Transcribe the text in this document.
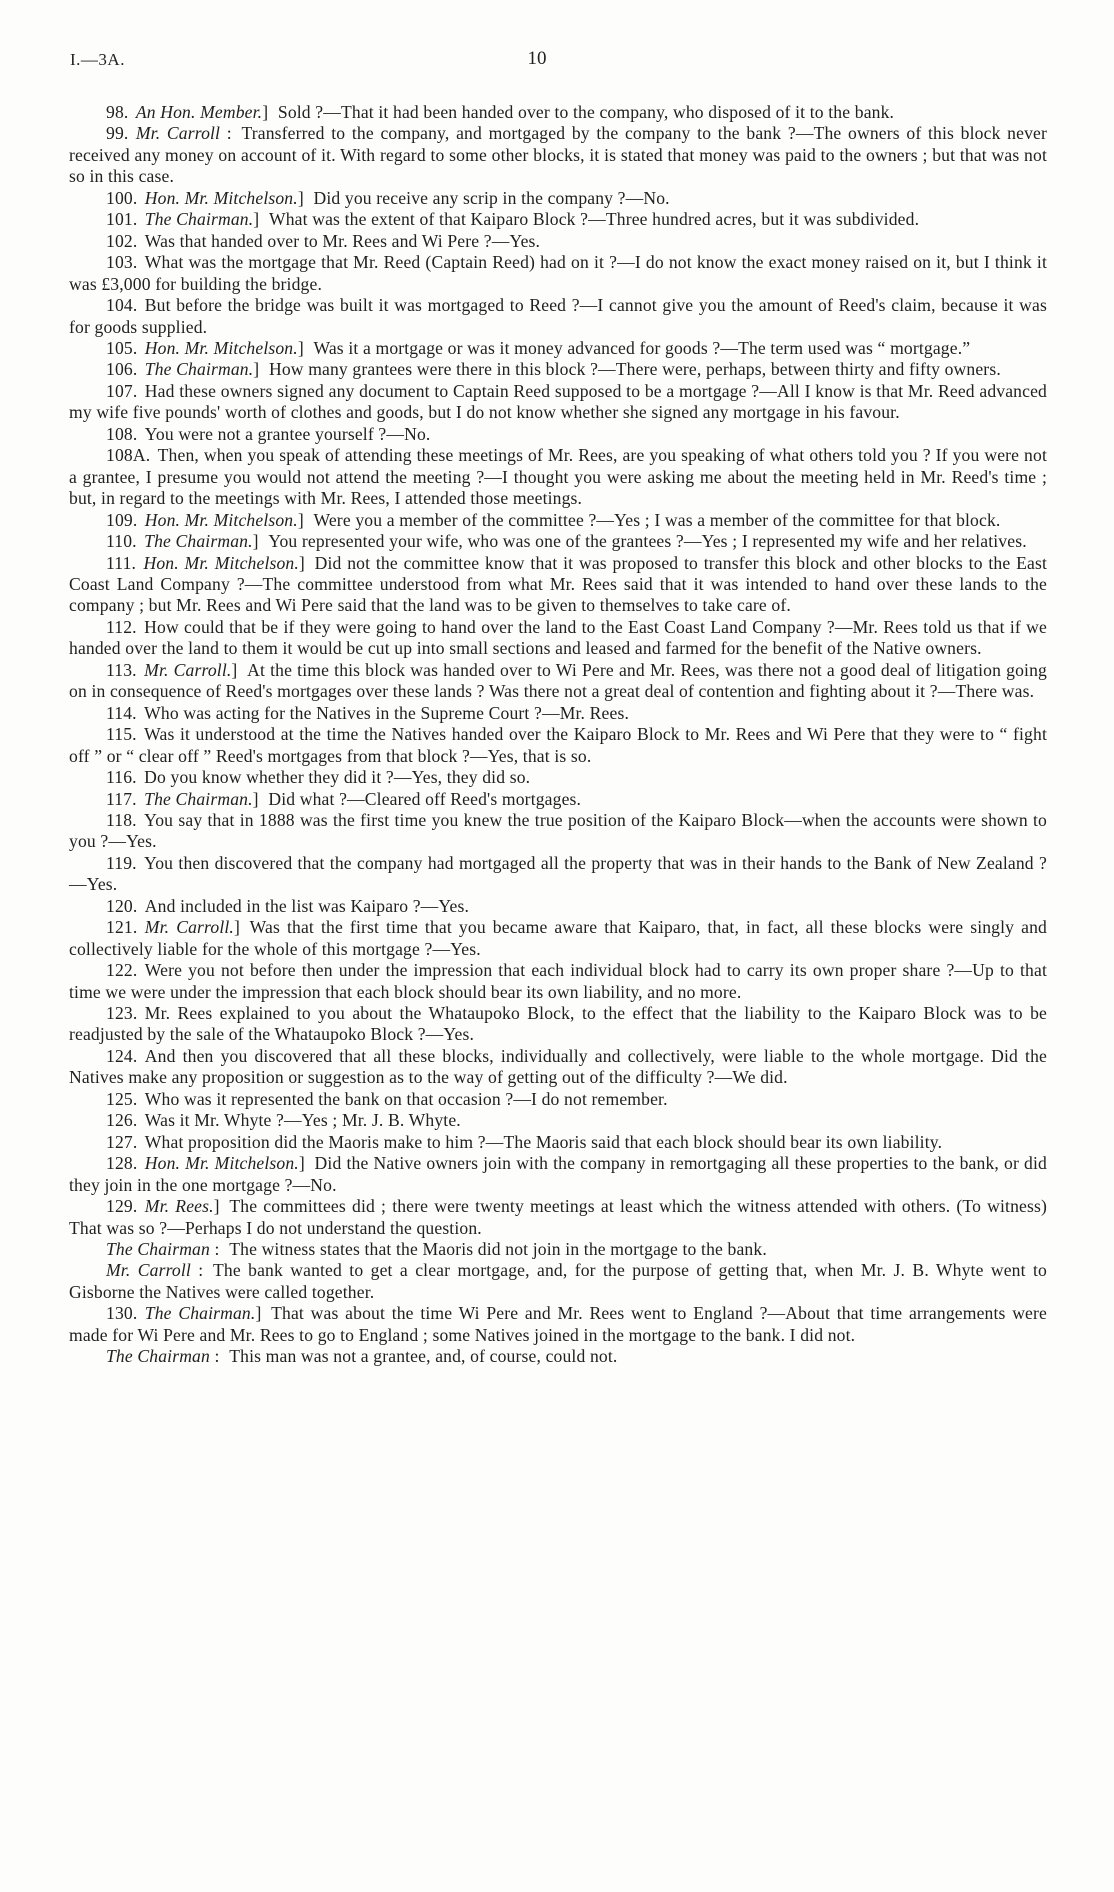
I.—3A.	10

98. An Hon. Member.] Sold ?—That it had been handed over to the company, who disposed of it to the bank.

99. Mr. Carroll : Transferred to the company, and mortgaged by the company to the bank ?—The owners of this block never received any money on account of it. With regard to some other blocks, it is stated that money was paid to the owners ; but that was not so in this case.

100. Hon. Mr. Mitchelson.] Did you receive any scrip in the company ?—No.

101. The Chairman.] What was the extent of that Kaiparo Block ?—Three hundred acres, but it was subdivided.

102. Was that handed over to Mr. Rees and Wi Pere ?—Yes.

103. What was the mortgage that Mr. Reed (Captain Reed) had on it ?—I do not know the exact money raised on it, but I think it was £3,000 for building the bridge.

104. But before the bridge was built it was mortgaged to Reed ?—I cannot give you the amount of Reed's claim, because it was for goods supplied.

105. Hon. Mr. Mitchelson.] Was it a mortgage or was it money advanced for goods ?—The term used was “ mortgage.”

106. The Chairman.] How many grantees were there in this block ?—There were, perhaps, between thirty and fifty owners.

107. Had these owners signed any document to Captain Reed supposed to be a mortgage ?—All I know is that Mr. Reed advanced my wife five pounds' worth of clothes and goods, but I do not know whether she signed any mortgage in his favour.

108. You were not a grantee yourself ?—No.

108A. Then, when you speak of attending these meetings of Mr. Rees, are you speaking of what others told you ? If you were not a grantee, I presume you would not attend the meeting ?—I thought you were asking me about the meeting held in Mr. Reed's time ; but, in regard to the meetings with Mr. Rees, I attended those meetings.

109. Hon. Mr. Mitchelson.] Were you a member of the committee ?—Yes ; I was a member of the committee for that block.

110. The Chairman.] You represented your wife, who was one of the grantees ?—Yes ; I represented my wife and her relatives.

111. Hon. Mr. Mitchelson.] Did not the committee know that it was proposed to transfer this block and other blocks to the East Coast Land Company ?—The committee understood from what Mr. Rees said that it was intended to hand over these lands to the company ; but Mr. Rees and Wi Pere said that the land was to be given to themselves to take care of.

112. How could that be if they were going to hand over the land to the East Coast Land Company ?—Mr. Rees told us that if we handed over the land to them it would be cut up into small sections and leased and farmed for the benefit of the Native owners.

113. Mr. Carroll.] At the time this block was handed over to Wi Pere and Mr. Rees, was there not a good deal of litigation going on in consequence of Reed's mortgages over these lands ? Was there not a great deal of contention and fighting about it ?—There was.

114. Who was acting for the Natives in the Supreme Court ?—Mr. Rees.

115. Was it understood at the time the Natives handed over the Kaiparo Block to Mr. Rees and Wi Pere that they were to “ fight off ” or “ clear off ” Reed's mortgages from that block ?—Yes, that is so.

116. Do you know whether they did it ?—Yes, they did so.

117. The Chairman.] Did what ?—Cleared off Reed's mortgages.

118. You say that in 1888 was the first time you knew the true position of the Kaiparo Block—when the accounts were shown to you ?—Yes.

119. You then discovered that the company had mortgaged all the property that was in their hands to the Bank of New Zealand ?—Yes.

120. And included in the list was Kaiparo ?—Yes.

121. Mr. Carroll.] Was that the first time that you became aware that Kaiparo, that, in fact, all these blocks were singly and collectively liable for the whole of this mortgage ?—Yes.

122. Were you not before then under the impression that each individual block had to carry its own proper share ?—Up to that time we were under the impression that each block should bear its own liability, and no more.

123. Mr. Rees explained to you about the Whataupoko Block, to the effect that the liability to the Kaiparo Block was to be readjusted by the sale of the Whataupoko Block ?—Yes.

124. And then you discovered that all these blocks, individually and collectively, were liable to the whole mortgage. Did the Natives make any proposition or suggestion as to the way of getting out of the difficulty ?—We did.

125. Who was it represented the bank on that occasion ?—I do not remember.

126. Was it Mr. Whyte ?—Yes ; Mr. J. B. Whyte.

127. What proposition did the Maoris make to him ?—The Maoris said that each block should bear its own liability.

128. Hon. Mr. Mitchelson.] Did the Native owners join with the company in remortgaging all these properties to the bank, or did they join in the one mortgage ?—No.

129. Mr. Rees.] The committees did ; there were twenty meetings at least which the witness attended with others. (To witness) That was so ?—Perhaps I do not understand the question.

The Chairman : The witness states that the Maoris did not join in the mortgage to the bank.

Mr. Carroll : The bank wanted to get a clear mortgage, and, for the purpose of getting that, when Mr. J. B. Whyte went to Gisborne the Natives were called together.

130. The Chairman.] That was about the time Wi Pere and Mr. Rees went to England ?—About that time arrangements were made for Wi Pere and Mr. Rees to go to England ; some Natives joined in the mortgage to the bank. I did not.

The Chairman : This man was not a grantee, and, of course, could not.
